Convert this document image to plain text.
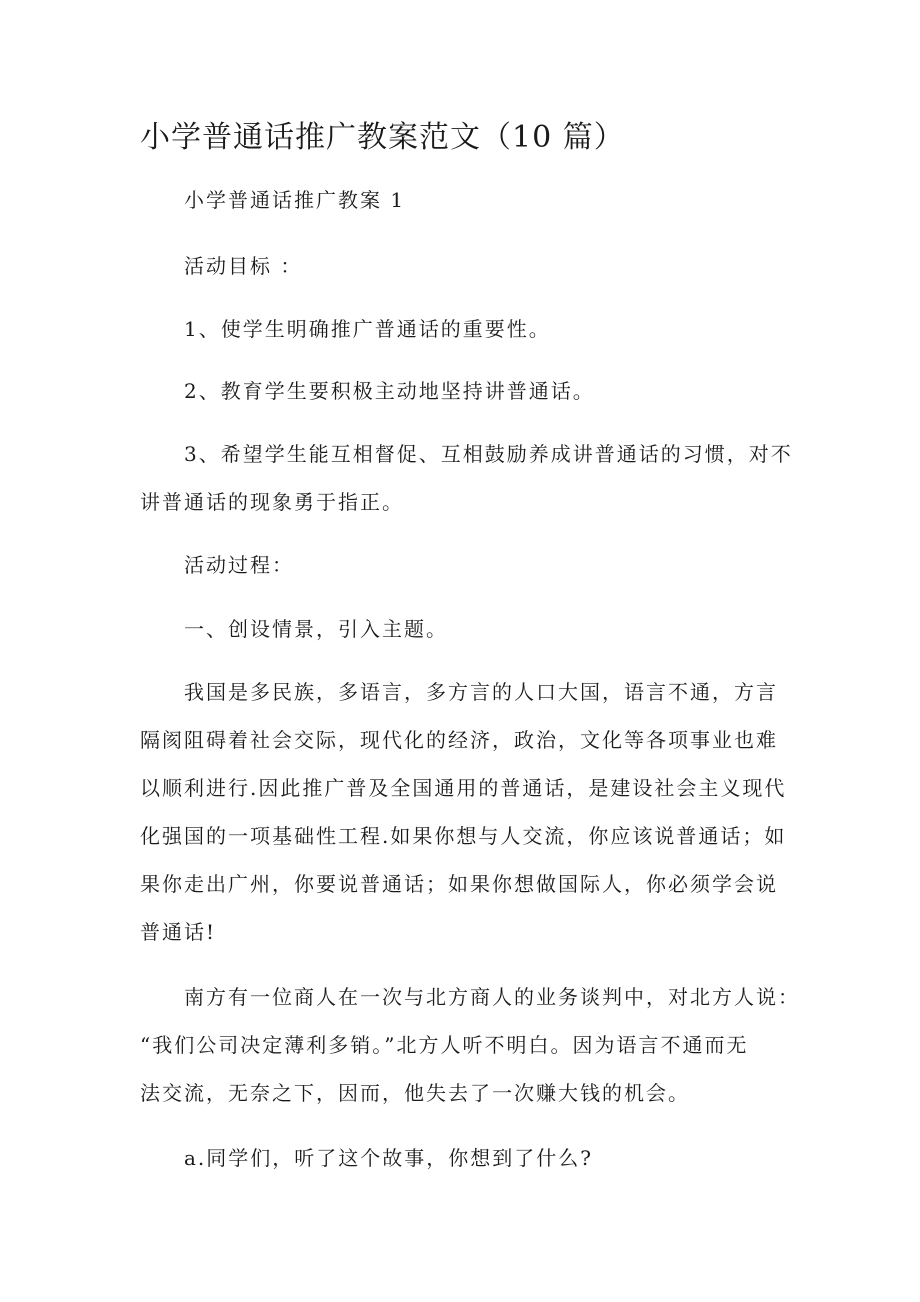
小学普通话推广教案范文（10 篇）
小学普通话推广教案 1
活动目标 ：
1、使学生明确推广普通话的重要性。
2、教育学生要积极主动地坚持讲普通话。
3、希望学生能互相督促、互相鼓励养成讲普通话的习惯，对不
讲普通话的现象勇于指正。
活动过程：
一、创设情景，引入主题。
我国是多民族，多语言，多方言的人口大国，语言不通，方言
隔阂阻碍着社会交际，现代化的经济，政治，文化等各项事业也难
以顺利进行.因此推广普及全国通用的普通话，是建设社会主义现代
化强国的一项基础性工程.如果你想与人交流，你应该说普通话；如
果你走出广州，你要说普通话；如果你想做国际人，你必须学会说
普通话!
南方有一位商人在一次与北方商人的业务谈判中，对北方人说：
“我们公司决定薄利多销。”北方人听不明白。因为语言不通而无
法交流，无奈之下，因而，他失去了一次赚大钱的机会。
a.同学们，听了这个故事，你想到了什么?
